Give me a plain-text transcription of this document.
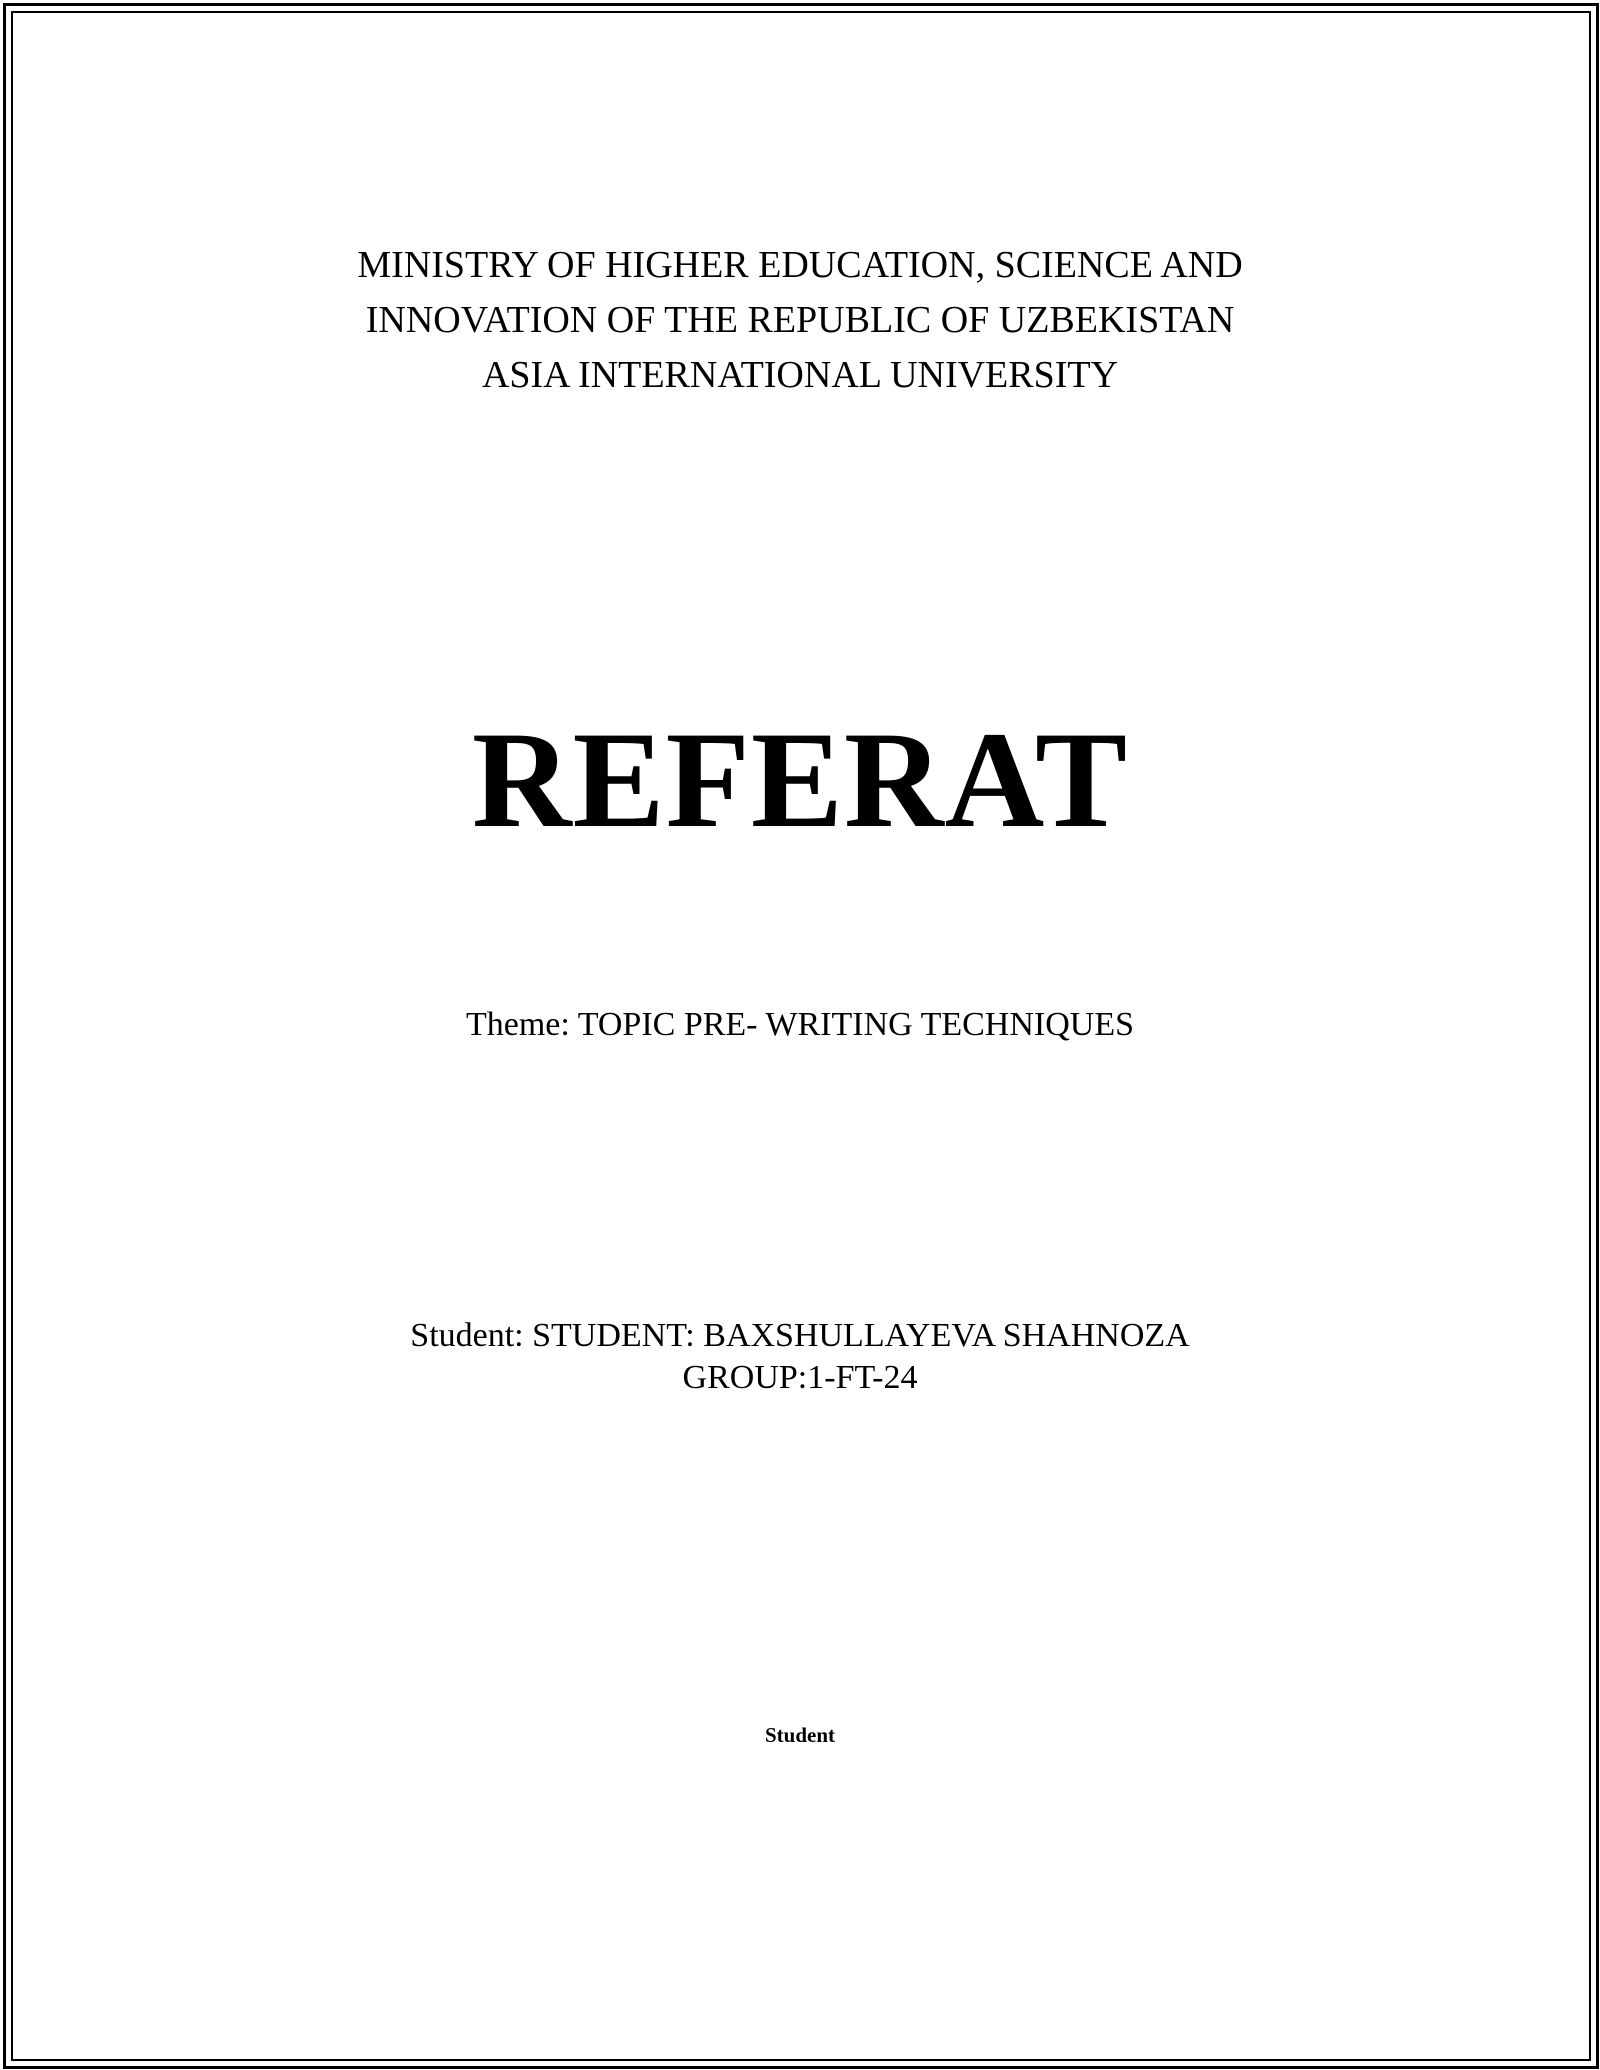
MINISTRY OF HIGHER EDUCATION, SCIENCE AND
INNOVATION OF THE REPUBLIC OF UZBEKISTAN
ASIA INTERNATIONAL UNIVERSITY
REFERAT
Theme: TOPIC PRE- WRITING TECHNIQUES
Student: STUDENT: BAXSHULLAYEVA SHAHNOZA
GROUP:1-FT-24
Student
